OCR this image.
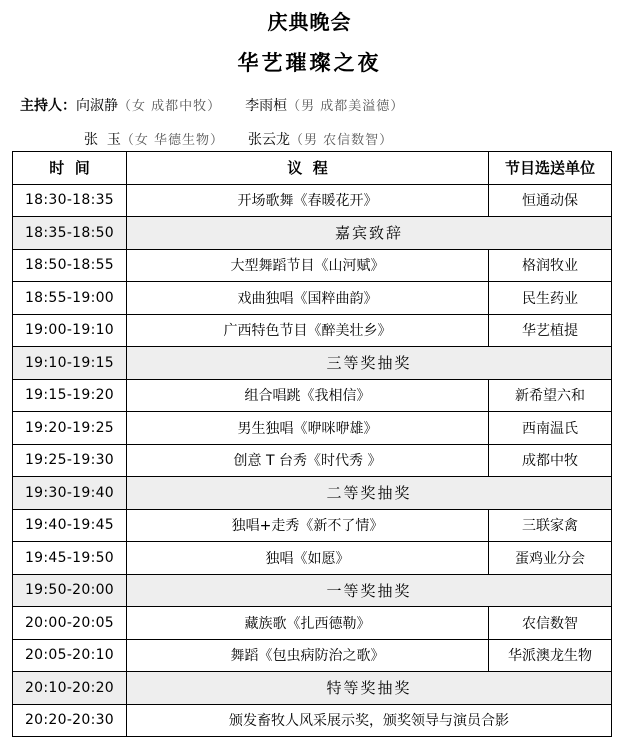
庆典晚会
华艺璀璨之夜
主持人：向淑静（女 成都中牧） 李雨桓（男 成都美溢德）
张  玉（女 华德生物） 张云龙（男 农信数智）
时  间	议  程	节目选送单位
18:30-18:35	开场歌舞《春暖花开》	恒通动保
18:35-18:50	嘉宾致辞	
18:50-18:55	大型舞蹈节目《山河赋》	格润牧业
18:55-19:00	戏曲独唱《国粹曲韵》	民生药业
19:00-19:10	广西特色节目《醉美壮乡》	华艺植提
19:10-19:15	三等奖抽奖	
19:15-19:20	组合唱跳《我相信》	新希望六和
19:20-19:25	男生独唱《咿咪咿雄》	西南温氏
19:25-19:30	创意 T 台秀《时代秀 》	成都中牧
19:30-19:40	二等奖抽奖	
19:40-19:45	独唱+走秀《新不了情》	三联家禽
19:45-19:50	独唱《如愿》	蛋鸡业分会
19:50-20:00	一等奖抽奖	
20:00-20:05	藏族歌《扎西德勒》	农信数智
20:05-20:10	舞蹈《包虫病防治之歌》	华派澳龙生物
20:10-20:20	特等奖抽奖	
20:20-20:30	颁发畜牧人风采展示奖，颁奖领导与演员合影	
